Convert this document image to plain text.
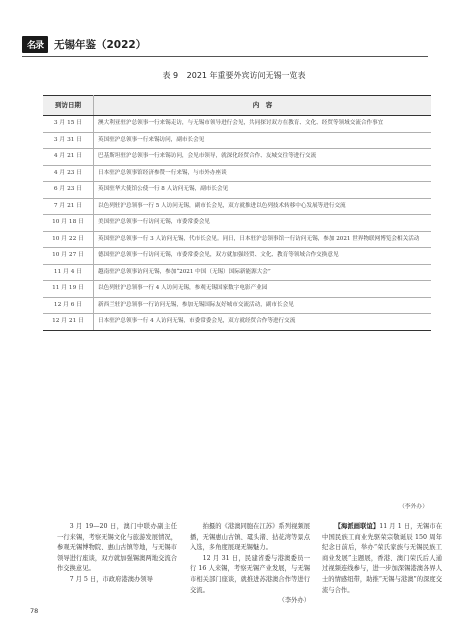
名录	无锡年鉴（2022）
表 9 2021 年重要外宾访问无锡一览表
到访日期	内　容
3 月 15 日	澳大利亚驻沪总领事一行来锡走访，与无锡市领导进行会见，共同探讨双方在教育、文化、经贸等领域交流合作事宜
3 月 31 日	英国驻沪总领事一行来锡访问，副市长会见
4 月 21 日	巴基斯坦驻沪总领事一行来锡访问，会见市领导，就深化经贸合作、友城交往等进行交流
4 月 23 日	日本驻沪总领事馆经济参赞一行来锡，与市外办座谈
6 月 23 日	英国驻华大使馆公使一行 8 人访问无锡，副市长会见
7 月 21 日	以色列驻沪总领事一行 5 人访问无锡，副市长会见，双方就推进以色列技术转移中心发展等进行交流
10 月 18 日	美国驻沪总领事一行访问无锡，市委常委会见
10 月 22 日	英国驻沪总领事一行 3 人访问无锡，代市长会见。同日，日本驻沪总领事馆一行访问无锡，参加 2021 世界物联网博览会相关活动
10 月 27 日	德国驻沪总领事一行访问无锡，市委常委会见，双方就加强经贸、文化、教育等领域合作交换意见
11 月 4 日	越南驻沪总领事访问无锡，参加“2021 中国（无锡）国际新能源大会”
11 月 19 日	以色列驻沪总领事一行 4 人访问无锡，参观无锡国家数字电影产业园
12 月 6 日	新西兰驻沪总领事一行访问无锡，参加无锡国际友好城市交流活动，副市长会见
12 月 21 日	日本驻沪总领事一行 4 人访问无锡，市委常委会见，双方就经贸合作等进行交流
（李外办）

3 月 19—20 日，澳门中联办副主任一行来锡，考察无锡文化与旅游发展情况，参观无锡博物院、惠山古镇等地，与无锡市领导进行座谈，双方就加强锡澳两地交流合作交换意见。

7 月 5 日，市政府港澳办领导

拍摄的《港澳同胞在江苏》系列视频展播，无锡惠山古镇、鼋头渚、拈花湾等景点入选，多角度展现无锡魅力。

12 月 31 日，民建省委与港澳委员一行 16 人来锡，考察无锡产业发展，与无锡市相关部门座谈，就推进苏港澳合作等进行交流。

（李外办）

【海派画联谊】11 月 1 日，无锡市在中国民族工商业先驱荣宗敬诞辰 150 周年纪念日前后，举办“荣氏家族与无锡民族工商业发展”主题展，香港、澳门荣氏后人通过视频连线参与，进一步加深锡港澳各界人士的情感纽带，助推“无锡与港澳”的深度交流与合作。

78
